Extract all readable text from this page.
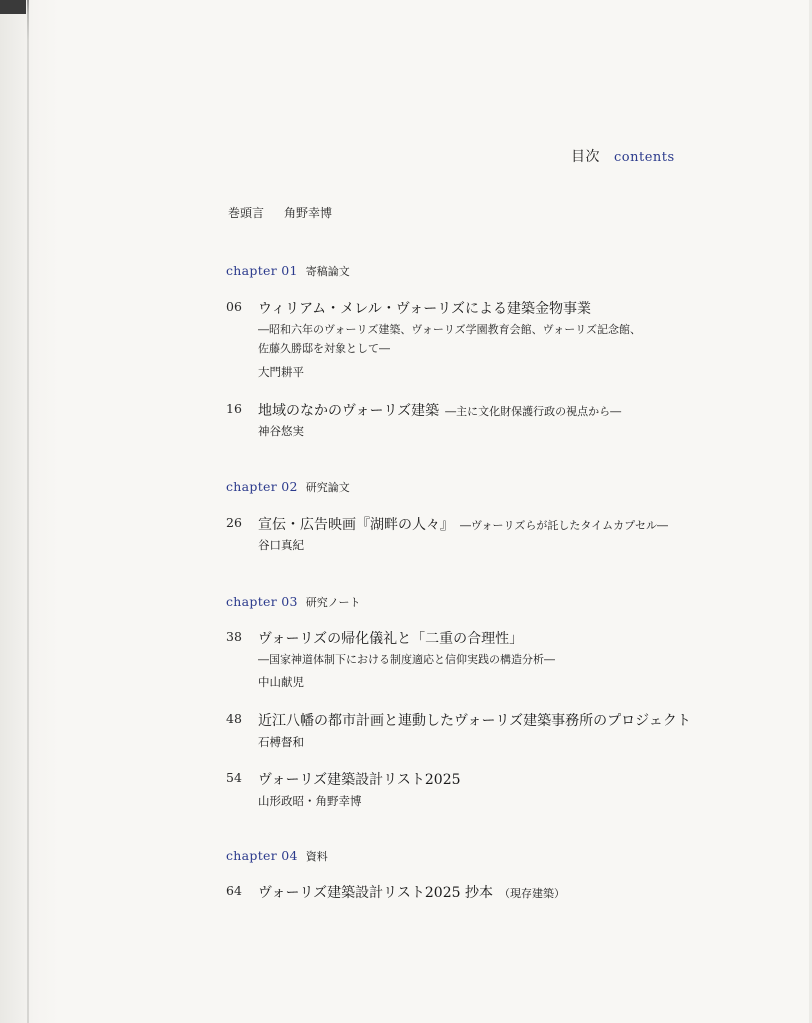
目次 contents
巻頭言 角野幸博
chapter 01 寄稿論文
06	ウィリアム・メレル・ヴォーリズによる建築金物事業
―昭和六年のヴォーリズ建築、ヴォーリズ学園教育会館、ヴォーリズ記念館、
佐藤久勝邸を対象として―
大門耕平
16	地域のなかのヴォーリズ建築 ―主に文化財保護行政の視点から―
神谷悠実
chapter 02 研究論文
26	宣伝・広告映画『湖畔の人々』 ―ヴォーリズらが託したタイムカプセル―
谷口真紀
chapter 03 研究ノート
38	ヴォーリズの帰化儀礼と「二重の合理性」
―国家神道体制下における制度適応と信仰実践の構造分析―
中山献児
48	近江八幡の都市計画と連動したヴォーリズ建築事務所のプロジェクト
石榑督和
54	ヴォーリズ建築設計リスト2025
山形政昭・角野幸博
chapter 04 資料
64	ヴォーリズ建築設計リスト2025 抄本 （現存建築）
